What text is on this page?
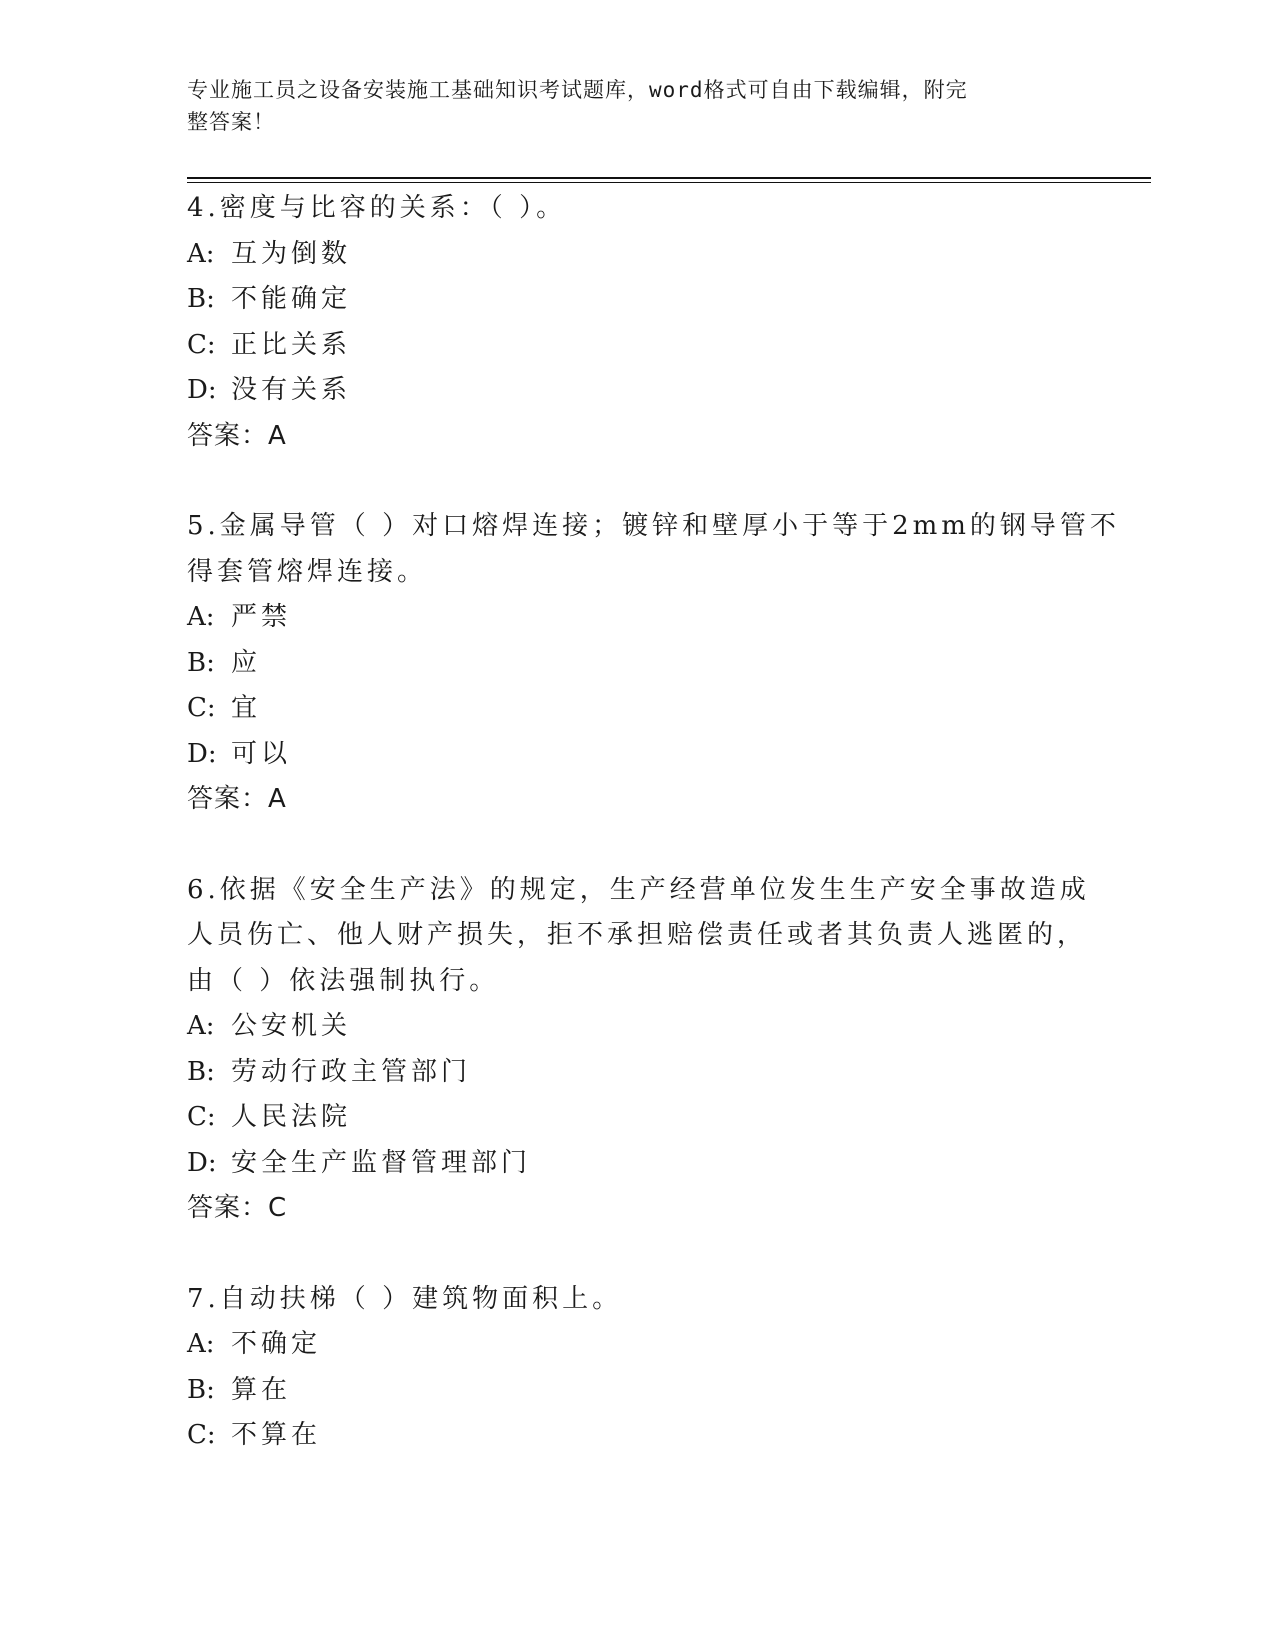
专业施工员之设备安装施工基础知识考试题库，word格式可自由下载编辑，附完
整答案！
4.密度与比容的关系：（ ）。
A: 互为倒数
B: 不能确定
C: 正比关系
D: 没有关系
答案：A
5.金属导管（ ）对口熔焊连接；镀锌和壁厚小于等于2mm的钢导管不
得套管熔焊连接。
A: 严禁
B: 应
C: 宜
D: 可以
答案：A
6.依据《安全生产法》的规定，生产经营单位发生生产安全事故造成
人员伤亡、他人财产损失，拒不承担赔偿责任或者其负责人逃匿的，
由（ ）依法强制执行。
A: 公安机关
B: 劳动行政主管部门
C: 人民法院
D: 安全生产监督管理部门
答案：C
7.自动扶梯（ ）建筑物面积上。
A: 不确定
B: 算在
C: 不算在
